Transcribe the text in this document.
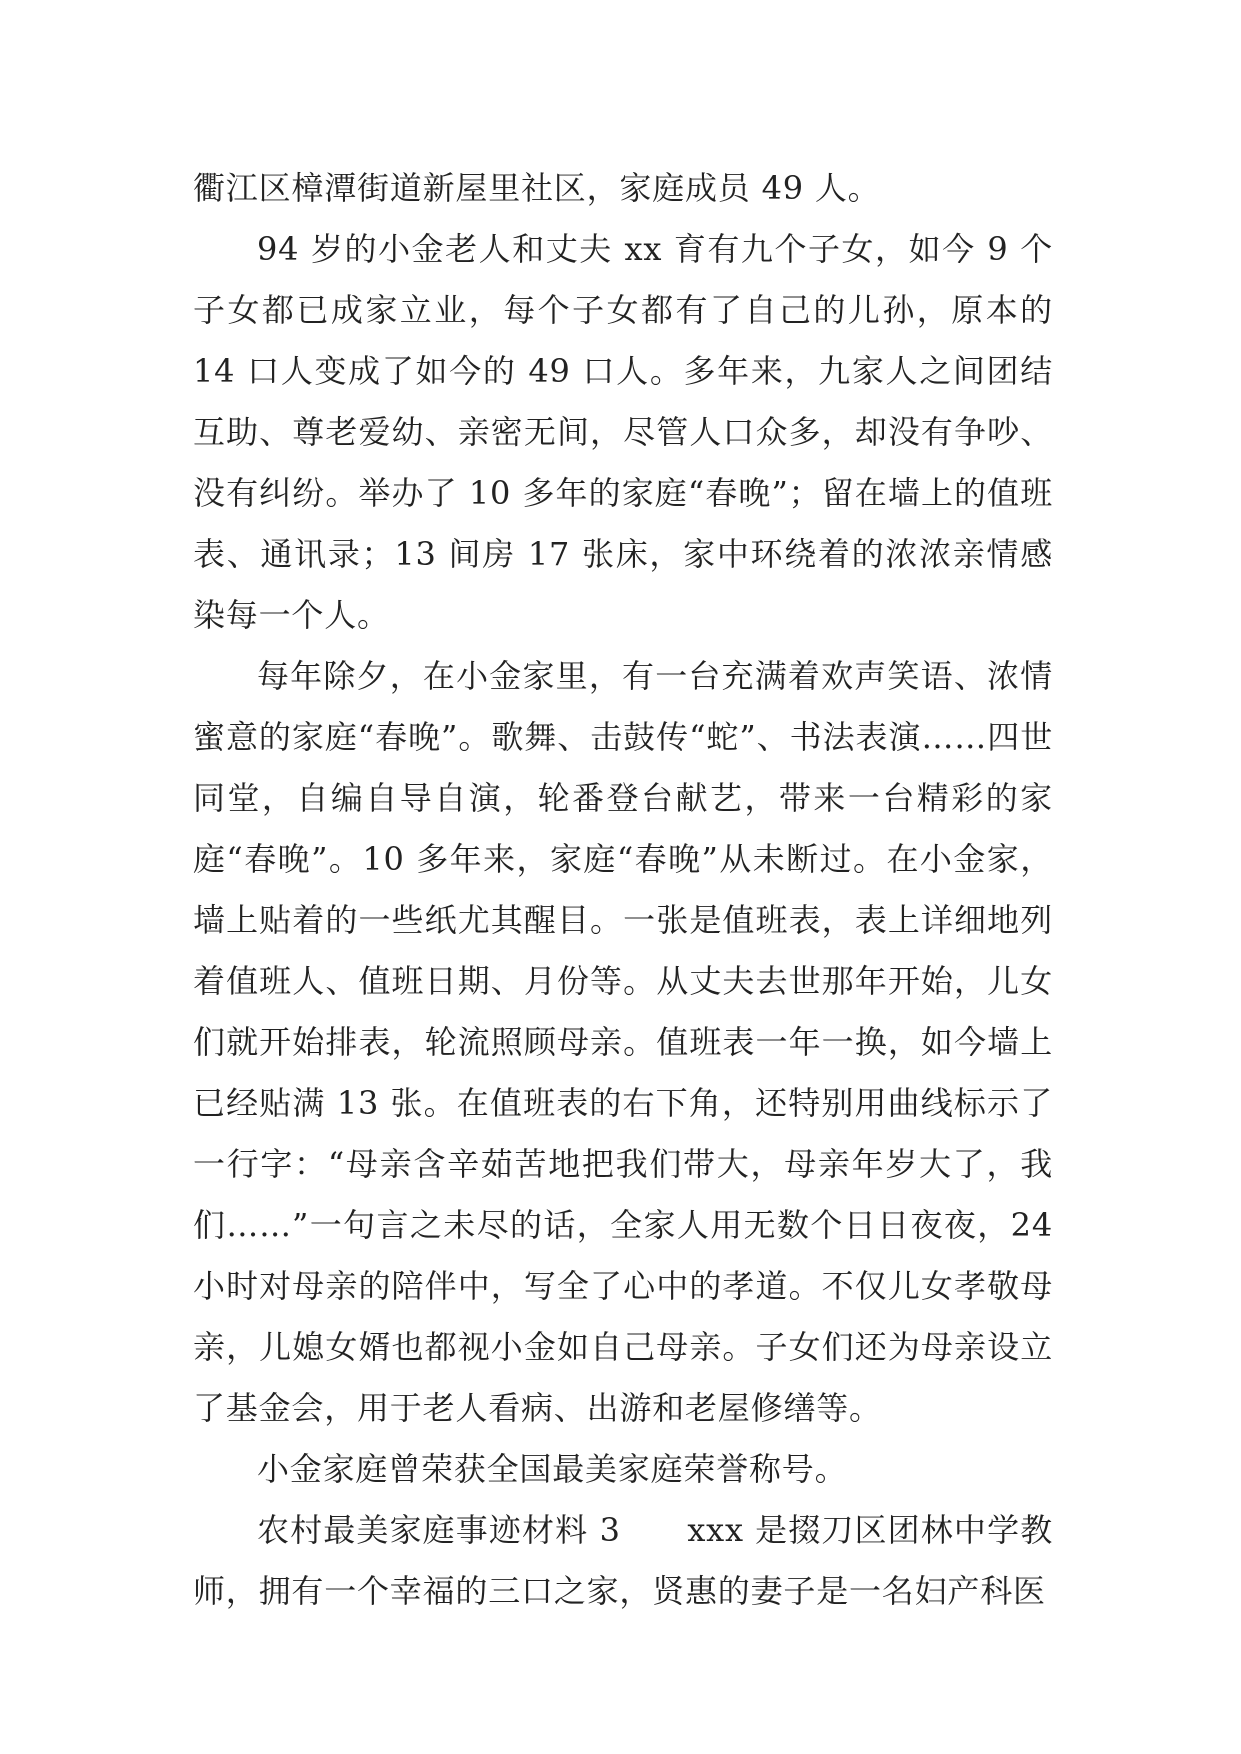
衢江区樟潭街道新屋里社区，家庭成员 49 人。

94 岁的小金老人和丈夫 xx 育有九个子女，如今 9 个子女都已成家立业，每个子女都有了自己的儿孙，原本的 14 口人变成了如今的 49 口人。多年来，九家人之间团结互助、尊老爱幼、亲密无间，尽管人口众多，却没有争吵、没有纠纷。举办了 10 多年的家庭“春晚”；留在墙上的值班表、通讯录；13 间房 17 张床，家中环绕着的浓浓亲情感染每一个人。

每年除夕，在小金家里，有一台充满着欢声笑语、浓情蜜意的家庭“春晚”。歌舞、击鼓传“蛇”、书法表演……四世同堂，自编自导自演，轮番登台献艺，带来一台精彩的家庭“春晚”。10 多年来，家庭“春晚”从未断过。在小金家，墙上贴着的一些纸尤其醒目。一张是值班表，表上详细地列着值班人、值班日期、月份等。从丈夫去世那年开始，儿女们就开始排表，轮流照顾母亲。值班表一年一换，如今墙上已经贴满 13 张。在值班表的右下角，还特别用曲线标示了一行字：“母亲含辛茹苦地把我们带大，母亲年岁大了，我们……”一句言之未尽的话，全家人用无数个日日夜夜，24 小时对母亲的陪伴中，写全了心中的孝道。不仅儿女孝敬母亲，儿媳女婿也都视小金如自己母亲。子女们还为母亲设立了基金会，用于老人看病、出游和老屋修缮等。

小金家庭曾荣获全国最美家庭荣誉称号。

农村最美家庭事迹材料 3　　xxx 是掇刀区团林中学教师，拥有一个幸福的三口之家，贤惠的妻子是一名妇产科医
